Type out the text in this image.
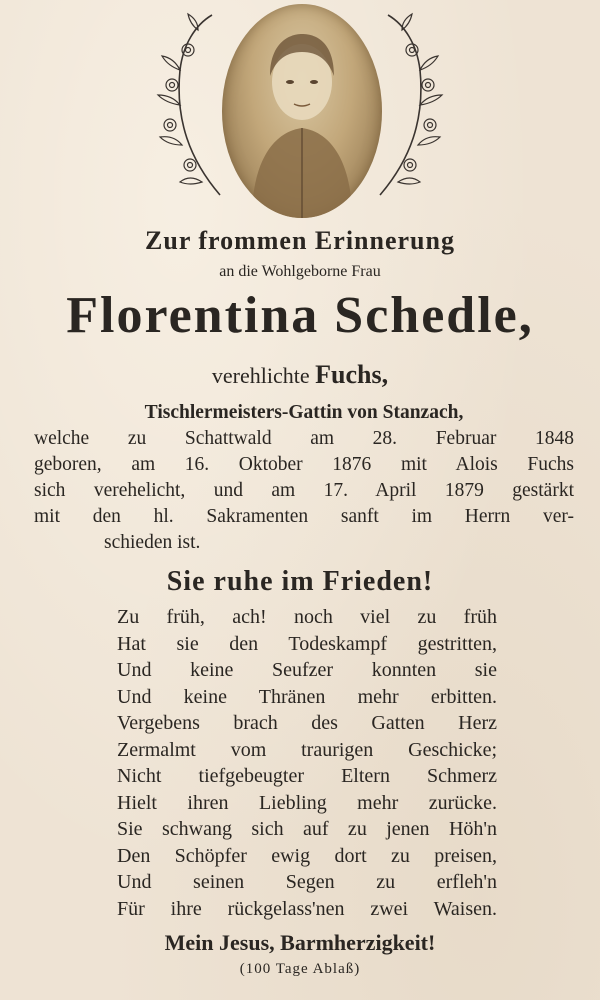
Zur frommen Erinnerung
an die Wohlgeborne Frau
Florentina Schedle,
verehlichte Fuchs,
Tischlermeisters-Gattin von Stanzach,
welche zu Schattwald am 28. Februar 1848
geboren, am 16. Oktober 1876 mit Alois Fuchs
sich verehelicht, und am 17. April 1879 gestärkt
mit den hl. Sakramenten sanft im Herrn ver-
schieden ist.
Sie ruhe im Frieden!
Zu früh, ach! noch viel zu früh
Hat sie den Todeskampf gestritten,
Und keine Seufzer konnten sie
Und keine Thränen mehr erbitten.
Vergebens brach des Gatten Herz
Zermalmt vom traurigen Geschicke;
Nicht tiefgebeugter Eltern Schmerz
Hielt ihren Liebling mehr zurücke.
Sie schwang sich auf zu jenen Höh'n
Den Schöpfer ewig dort zu preisen,
Und seinen Segen zu erfleh'n
Für ihre rückgelass'nen zwei Waisen.
Mein Jesus, Barmherzigkeit!
(100 Tage Ablaß)
